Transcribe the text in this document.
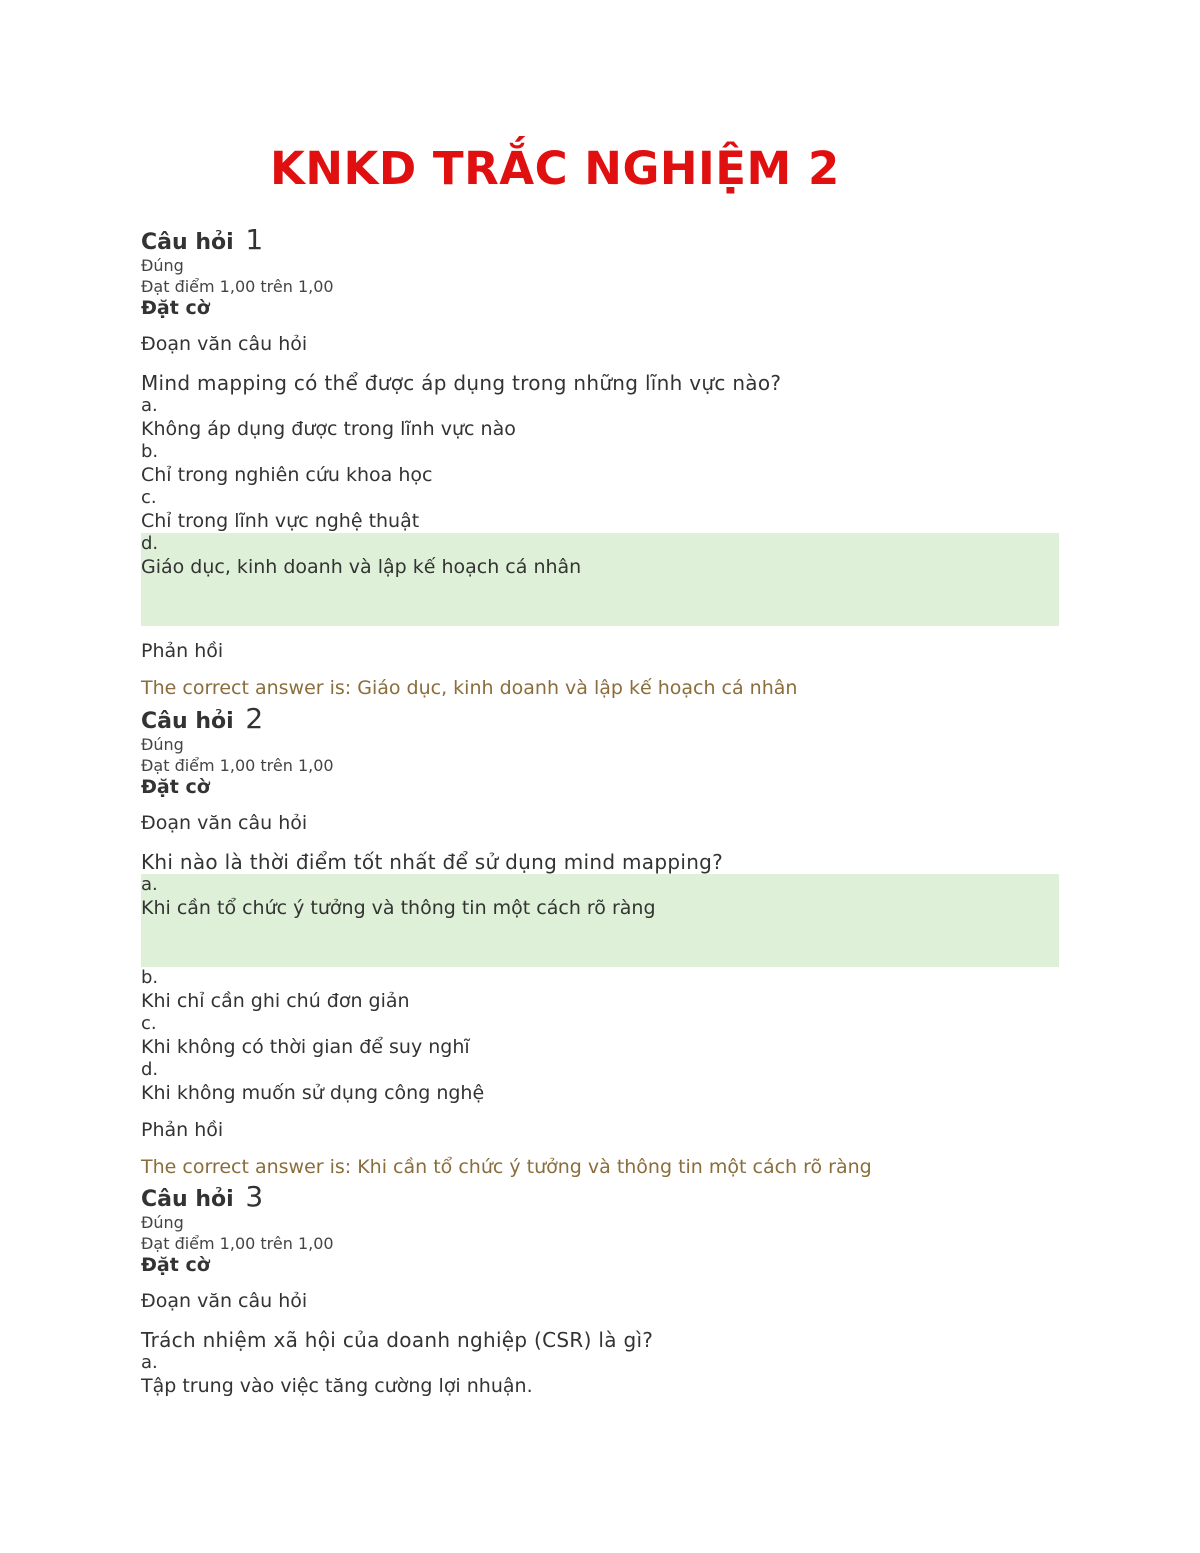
KNKD TRẮC NGHIỆM 2
Câu hỏi 1
Đúng
Đạt điểm 1,00 trên 1,00
Đặt cờ
Đoạn văn câu hỏi
Mind mapping có thể được áp dụng trong những lĩnh vực nào?
a.
Không áp dụng được trong lĩnh vực nào
b.
Chỉ trong nghiên cứu khoa học
c.
Chỉ trong lĩnh vực nghệ thuật
d.
Giáo dục, kinh doanh và lập kế hoạch cá nhân
Phản hồi
The correct answer is: Giáo dục, kinh doanh và lập kế hoạch cá nhân
Câu hỏi 2
Đúng
Đạt điểm 1,00 trên 1,00
Đặt cờ
Đoạn văn câu hỏi
Khi nào là thời điểm tốt nhất để sử dụng mind mapping?
a.
Khi cần tổ chức ý tưởng và thông tin một cách rõ ràng
b.
Khi chỉ cần ghi chú đơn giản
c.
Khi không có thời gian để suy nghĩ
d.
Khi không muốn sử dụng công nghệ
Phản hồi
The correct answer is: Khi cần tổ chức ý tưởng và thông tin một cách rõ ràng
Câu hỏi 3
Đúng
Đạt điểm 1,00 trên 1,00
Đặt cờ
Đoạn văn câu hỏi
Trách nhiệm xã hội của doanh nghiệp (CSR) là gì?
a.
Tập trung vào việc tăng cường lợi nhuận.
